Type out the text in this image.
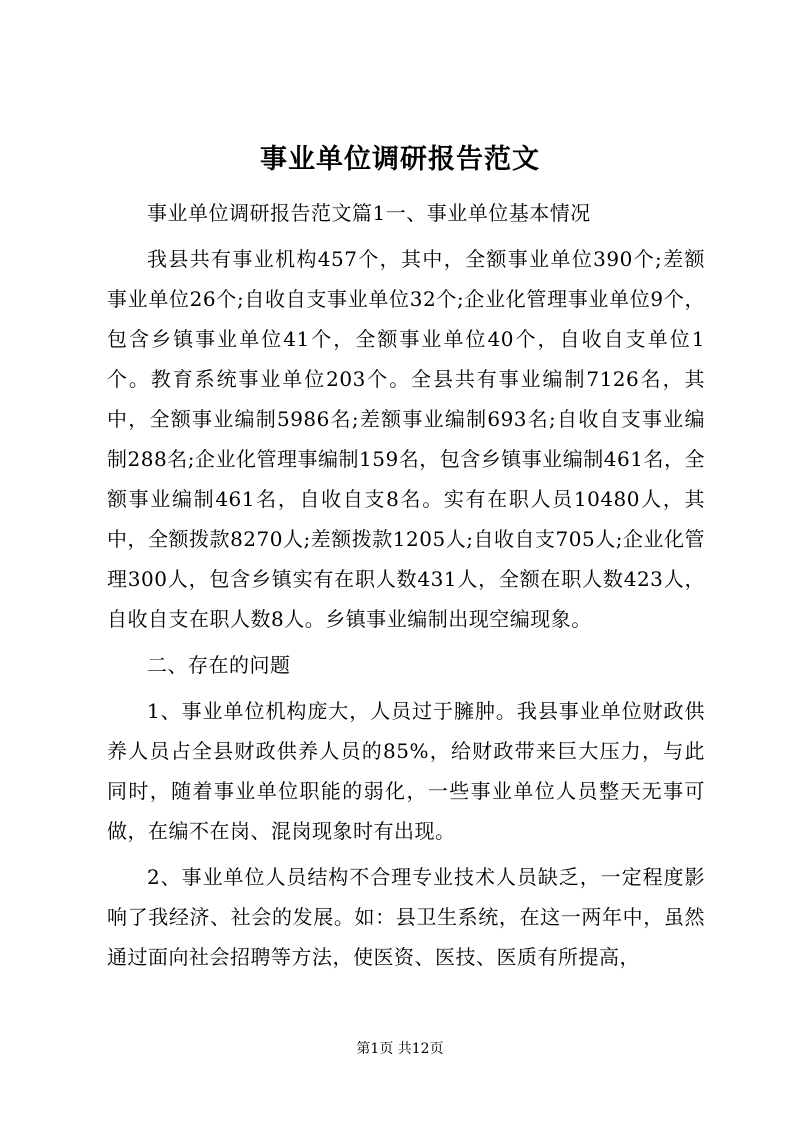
事业单位调研报告范文

事业单位调研报告范文篇1一、事业单位基本情况

我县共有事业机构457个，其中，全额事业单位390个;差额事业单位26个;自收自支事业单位32个;企业化管理事业单位9个，包含乡镇事业单位41个，全额事业单位40个，自收自支单位1个。教育系统事业单位203个。全县共有事业编制7126名，其中，全额事业编制5986名;差额事业编制693名;自收自支事业编制288名;企业化管理事编制159名，包含乡镇事业编制461名，全额事业编制461名，自收自支8名。实有在职人员10480人，其中，全额拨款8270人;差额拨款1205人;自收自支705人;企业化管理300人，包含乡镇实有在职人数431人，全额在职人数423人，自收自支在职人数8人。乡镇事业编制出现空编现象。

二、存在的问题

1、事业单位机构庞大，人员过于臃肿。我县事业单位财政供养人员占全县财政供养人员的85%，给财政带来巨大压力，与此同时，随着事业单位职能的弱化，一些事业单位人员整天无事可做，在编不在岗、混岗现象时有出现。

2、事业单位人员结构不合理专业技术人员缺乏，一定程度影响了我经济、社会的发展。如：县卫生系统，在这一两年中，虽然通过面向社会招聘等方法，使医资、医技、医质有所提高，

第1页 共12页
